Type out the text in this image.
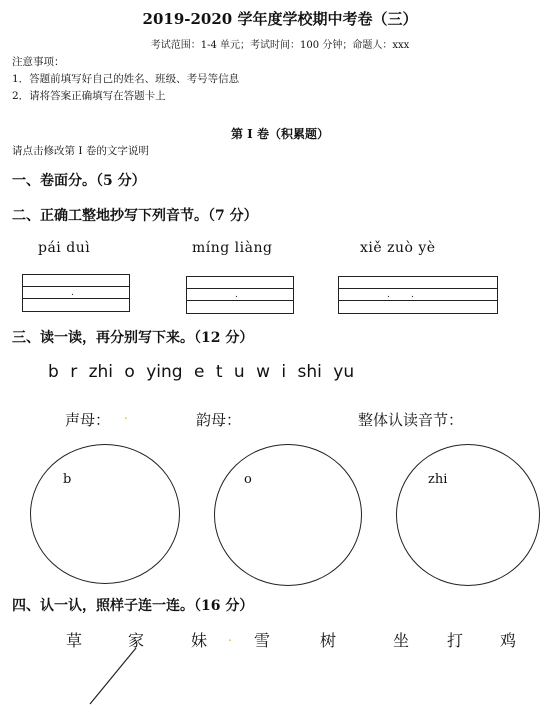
2019-2020 学年度学校期中考卷（三）
考试范围：1-4 单元；考试时间：100 分钟；命题人：xxx
注意事项：
1．答题前填写好自己的姓名、班级、考号等信息
2．请将答案正确填写在答题卡上
第 I 卷（积累题）
请点击修改第 I 卷的文字说明
一、卷面分。（5 分）
二、正确工整地抄写下列音节。（7 分）
pái duì	míng liàng	xiě zuò yè
.	.	. .
三、读一读，再分别写下来。（12 分）
b r zhi o ying e t u w i shi yu
声母： .	韵母：	整体认读音节：
b	o	zhi
四、认一认，照样子连一连。（16 分）
草	家	妹 . 雪	树	坐 打 鸡
